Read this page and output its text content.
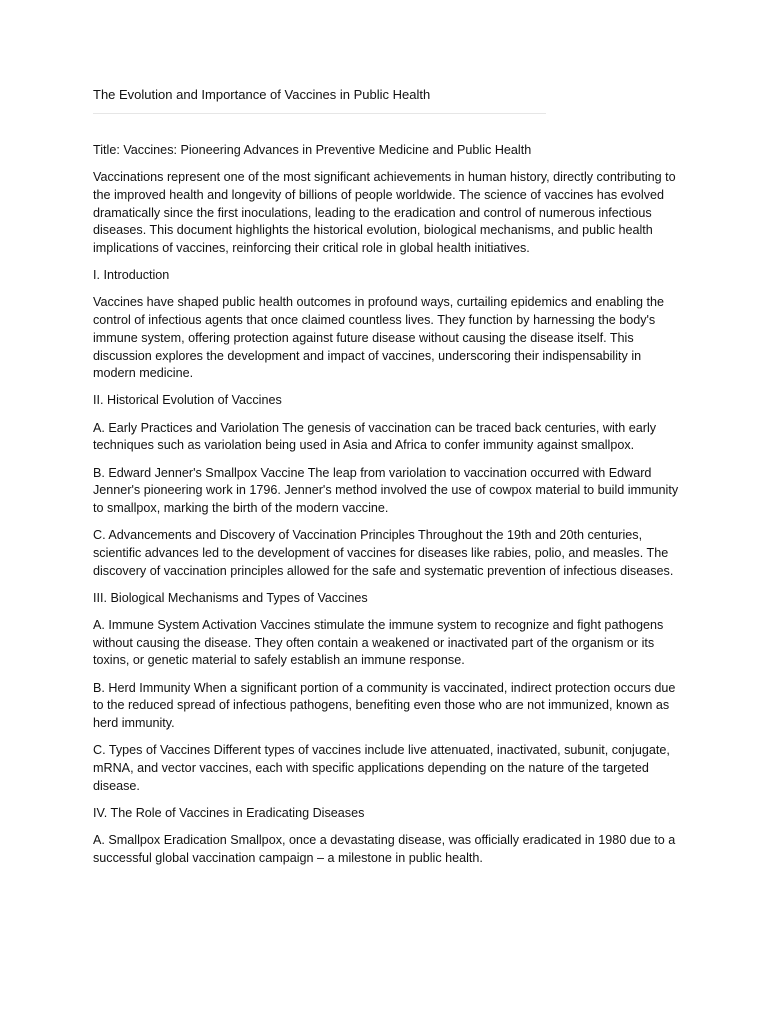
The Evolution and Importance of Vaccines in Public Health

Title: Vaccines: Pioneering Advances in Preventive Medicine and Public Health

Vaccinations represent one of the most significant achievements in human history, directly contributing to the improved health and longevity of billions of people worldwide. The science of vaccines has evolved dramatically since the first inoculations, leading to the eradication and control of numerous infectious diseases. This document highlights the historical evolution, biological mechanisms, and public health implications of vaccines, reinforcing their critical role in global health initiatives.

I. Introduction

Vaccines have shaped public health outcomes in profound ways, curtailing epidemics and enabling the control of infectious agents that once claimed countless lives. They function by harnessing the body's immune system, offering protection against future disease without causing the disease itself. This discussion explores the development and impact of vaccines, underscoring their indispensability in modern medicine.

II. Historical Evolution of Vaccines

A. Early Practices and Variolation The genesis of vaccination can be traced back centuries, with early techniques such as variolation being used in Asia and Africa to confer immunity against smallpox.

B. Edward Jenner's Smallpox Vaccine The leap from variolation to vaccination occurred with Edward Jenner's pioneering work in 1796. Jenner's method involved the use of cowpox material to build immunity to smallpox, marking the birth of the modern vaccine.

C. Advancements and Discovery of Vaccination Principles Throughout the 19th and 20th centuries, scientific advances led to the development of vaccines for diseases like rabies, polio, and measles. The discovery of vaccination principles allowed for the safe and systematic prevention of infectious diseases.

III. Biological Mechanisms and Types of Vaccines

A. Immune System Activation Vaccines stimulate the immune system to recognize and fight pathogens without causing the disease. They often contain a weakened or inactivated part of the organism or its toxins, or genetic material to safely establish an immune response.

B. Herd Immunity When a significant portion of a community is vaccinated, indirect protection occurs due to the reduced spread of infectious pathogens, benefiting even those who are not immunized, known as herd immunity.

C. Types of Vaccines Different types of vaccines include live attenuated, inactivated, subunit, conjugate, mRNA, and vector vaccines, each with specific applications depending on the nature of the targeted disease.

IV. The Role of Vaccines in Eradicating Diseases

A. Smallpox Eradication Smallpox, once a devastating disease, was officially eradicated in 1980 due to a successful global vaccination campaign – a milestone in public health.
